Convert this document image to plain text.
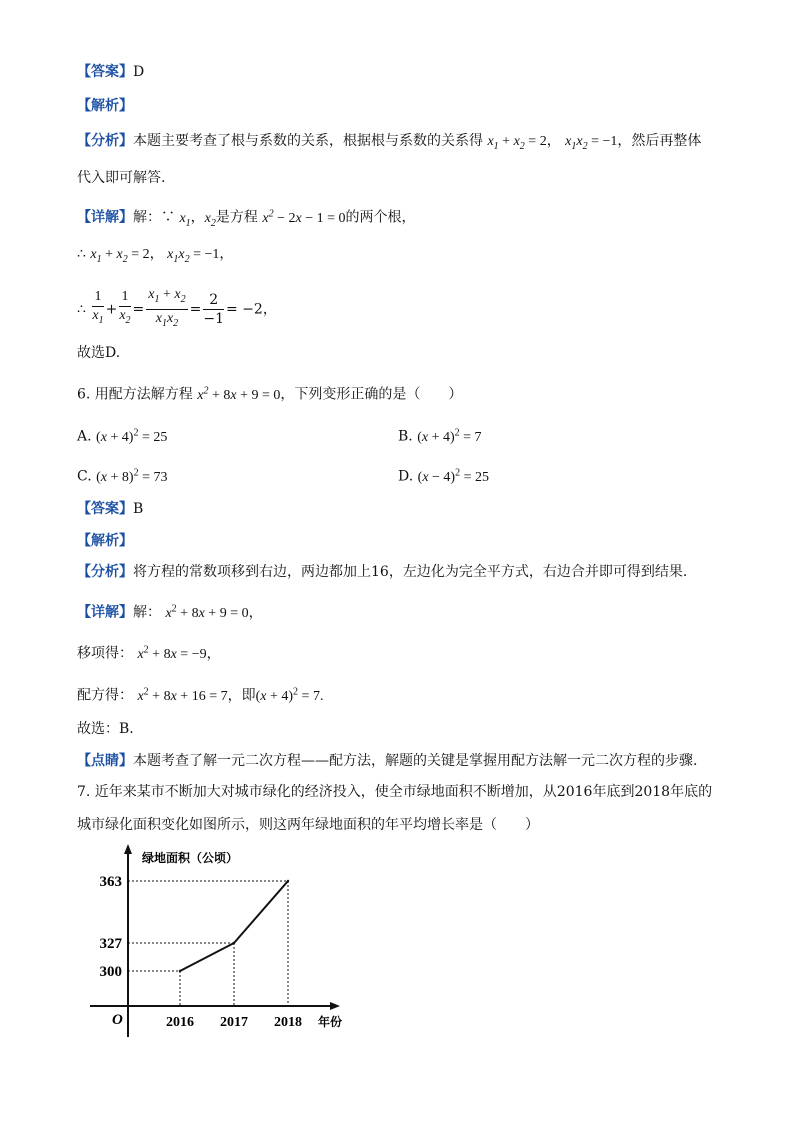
【答案】D
【解析】
【分析】本题主要考查了根与系数的关系，根据根与系数的关系得 $x_1 + x_2 = 2$， $x_1x_2 = -1$，然后再整体
代入即可解答.
【详解】解：∵ $x_1$，$x_2$是方程 $x^2 - 2x - 1 = 0$的两个根，
∴ $x_1 + x_2 = 2$， $x_1x_2 = -1$，
∴ $\frac{1}{x_1} + \frac{1}{x_2} = \frac{x_1 + x_2}{x_1x_2} = \frac{2}{-1} = -2$，
故选D.
6. 用配方法解方程 $x^2 + 8x + 9 = 0$，下列变形正确的是（　　）
A. $(x + 4)^2 = 25$	B. $(x + 4)^2 = 7$
C. $(x + 8)^2 = 73$	D. $(x - 4)^2 = 25$
【答案】B
【解析】
【分析】将方程的常数项移到右边，两边都加上16，左边化为完全平方式，右边合并即可得到结果.
【详解】解： $x^2 + 8x + 9 = 0$，
移项得： $x^2 + 8x = -9$，
配方得： $x^2 + 8x + 16 = 7$，即$(x + 4)^2 = 7$.
故选：B.
【点睛】本题考查了解一元二次方程——配方法，解题的关键是掌握用配方法解一元二次方程的步骤.
7. 近年来某市不断加大对城市绿化的经济投入，使全市绿地面积不断增加，从2016年底到2018年底的
城市绿化面积变化如图所示，则这两年绿地面积的年平均增长率是（　　）
绿地面积（公顷）
年份
O	2016 2017 2018
300
327
363
